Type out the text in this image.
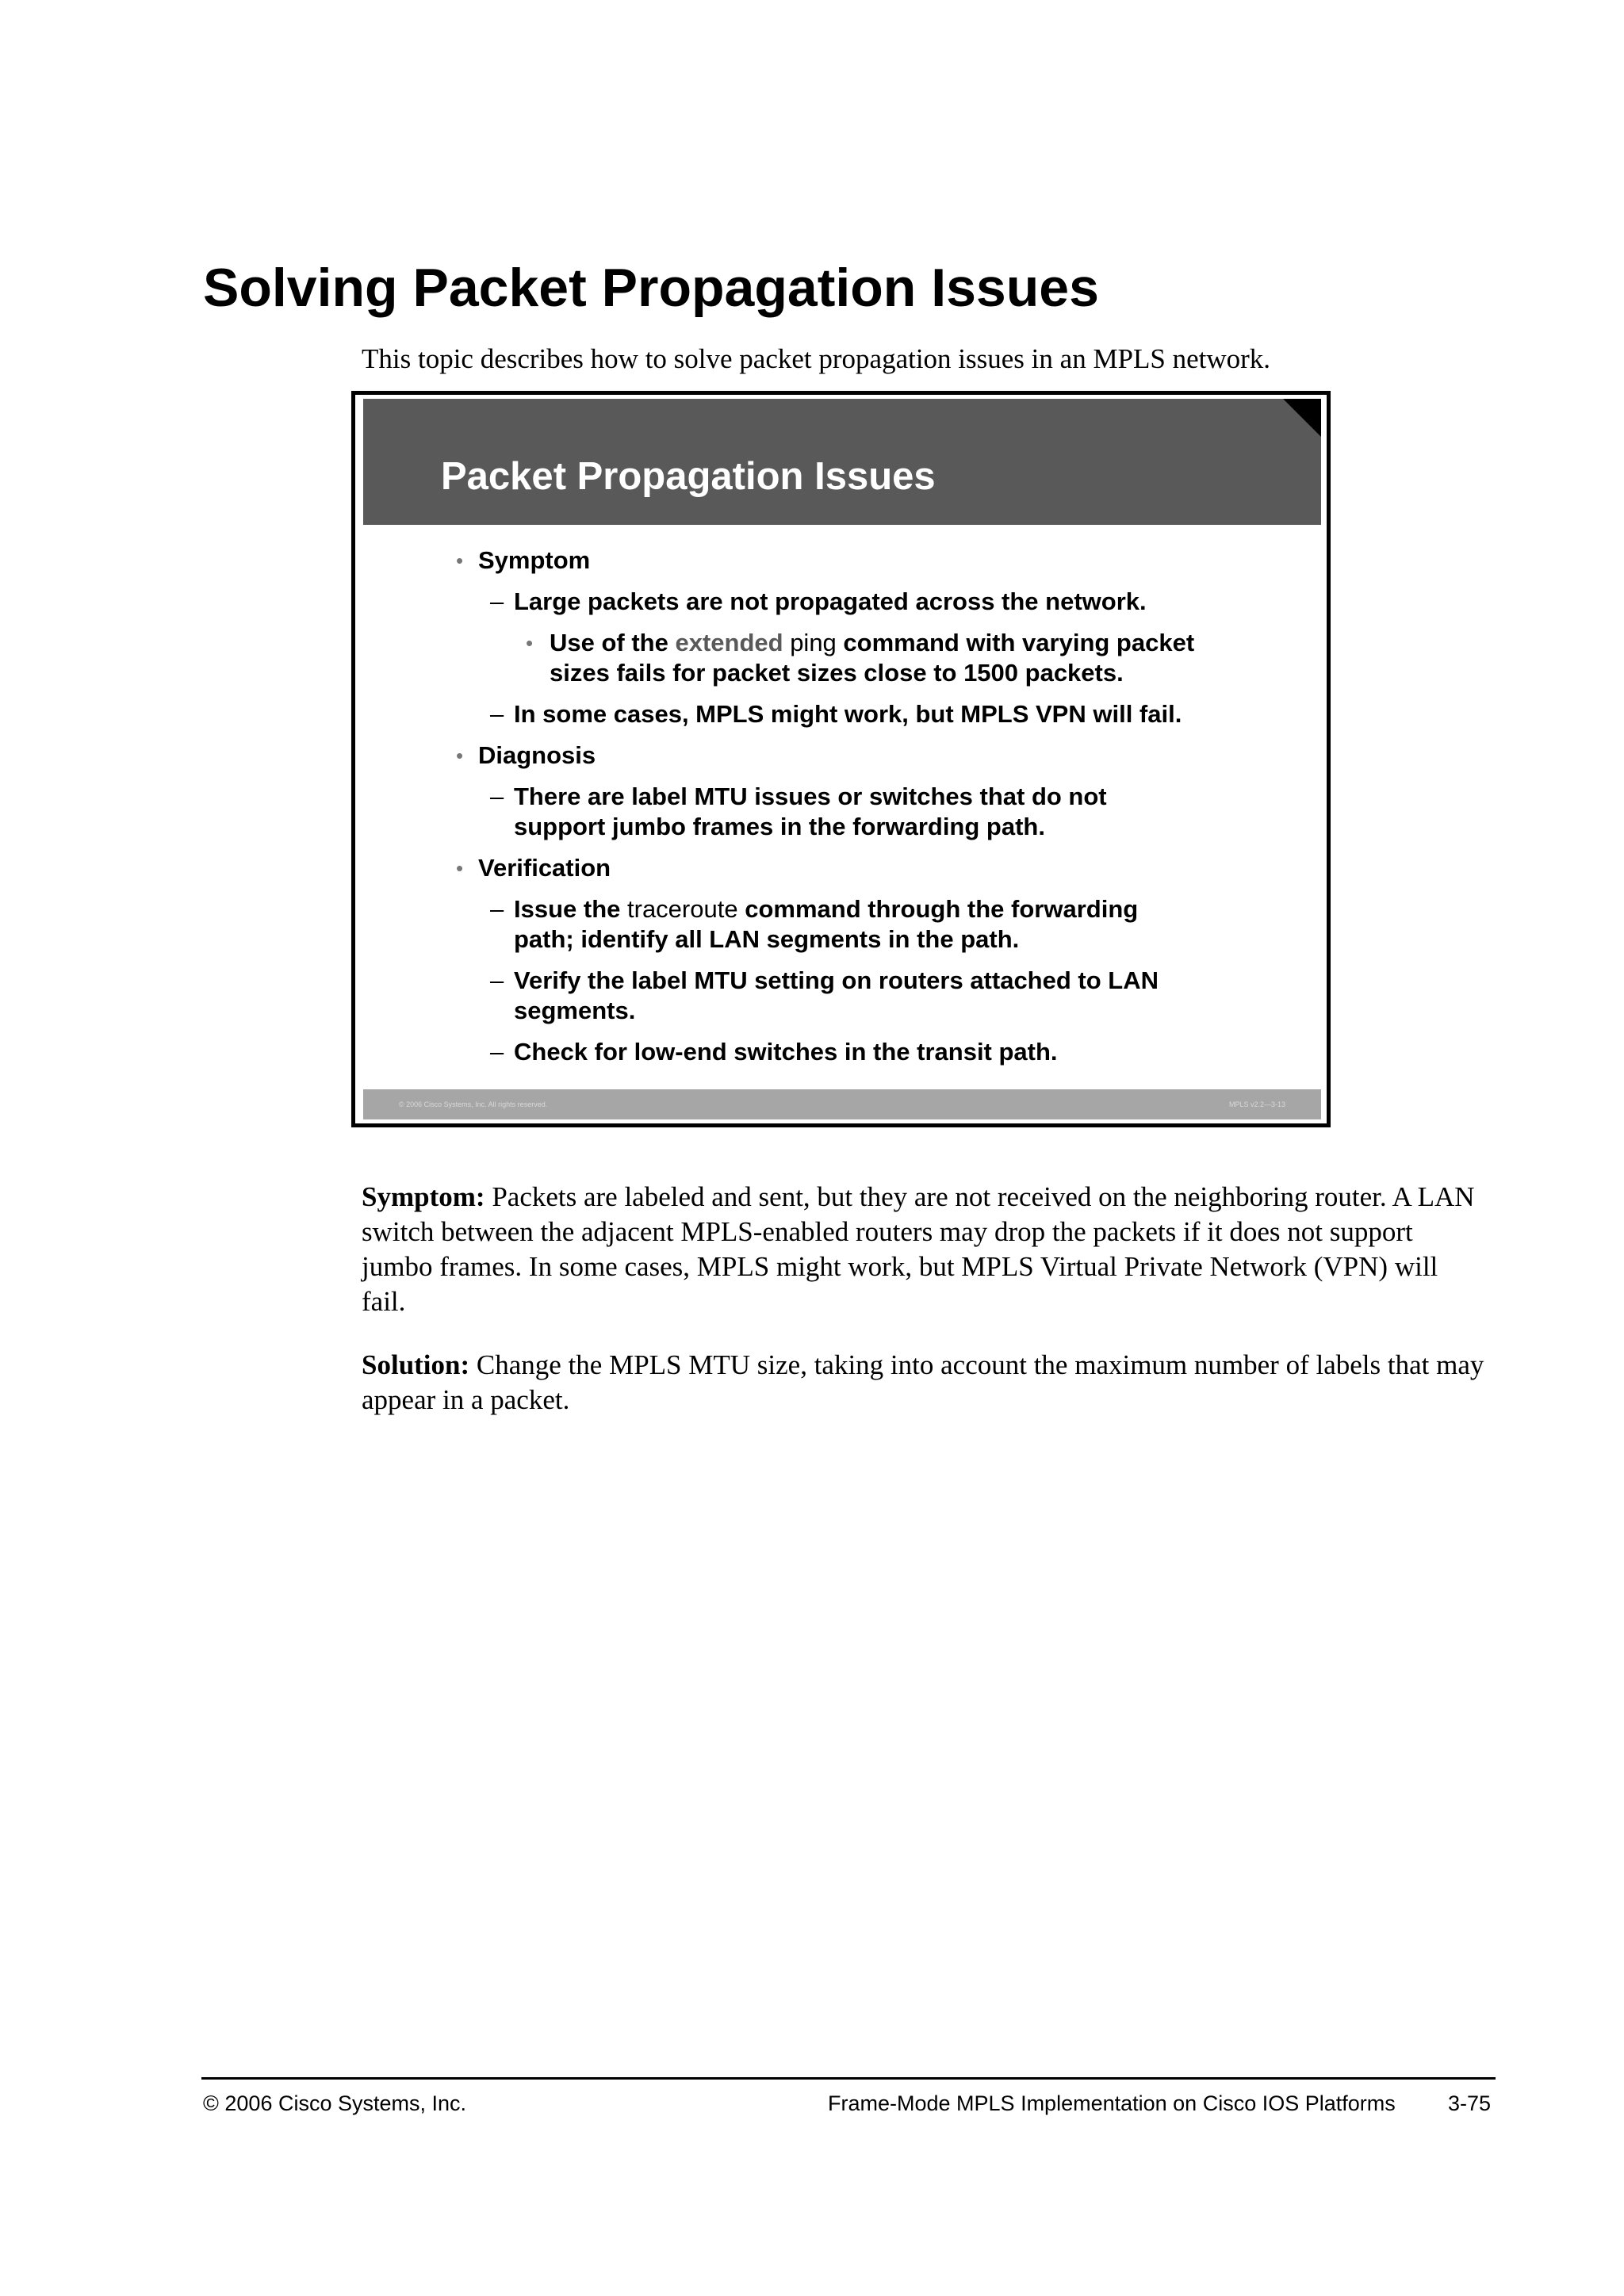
Solving Packet Propagation Issues

This topic describes how to solve packet propagation issues in an MPLS network.

Packet Propagation Issues
• Symptom
– Large packets are not propagated across the network.
• Use of the extended ping command with varying packet sizes fails for packet sizes close to 1500 packets.
– In some cases, MPLS might work, but MPLS VPN will fail.
• Diagnosis
– There are label MTU issues or switches that do not support jumbo frames in the forwarding path.
• Verification
– Issue the traceroute command through the forwarding path; identify all LAN segments in the path.
– Verify the label MTU setting on routers attached to LAN segments.
– Check for low-end switches in the transit path.
© 2006 Cisco Systems, Inc. All rights reserved.	MPLS v2.2—3-13

Symptom: Packets are labeled and sent, but they are not received on the neighboring router. A LAN switch between the adjacent MPLS-enabled routers may drop the packets if it does not support jumbo frames. In some cases, MPLS might work, but MPLS Virtual Private Network (VPN) will fail.

Solution: Change the MPLS MTU size, taking into account the maximum number of labels that may appear in a packet.

© 2006 Cisco Systems, Inc.	Frame-Mode MPLS Implementation on Cisco IOS Platforms 3-75
